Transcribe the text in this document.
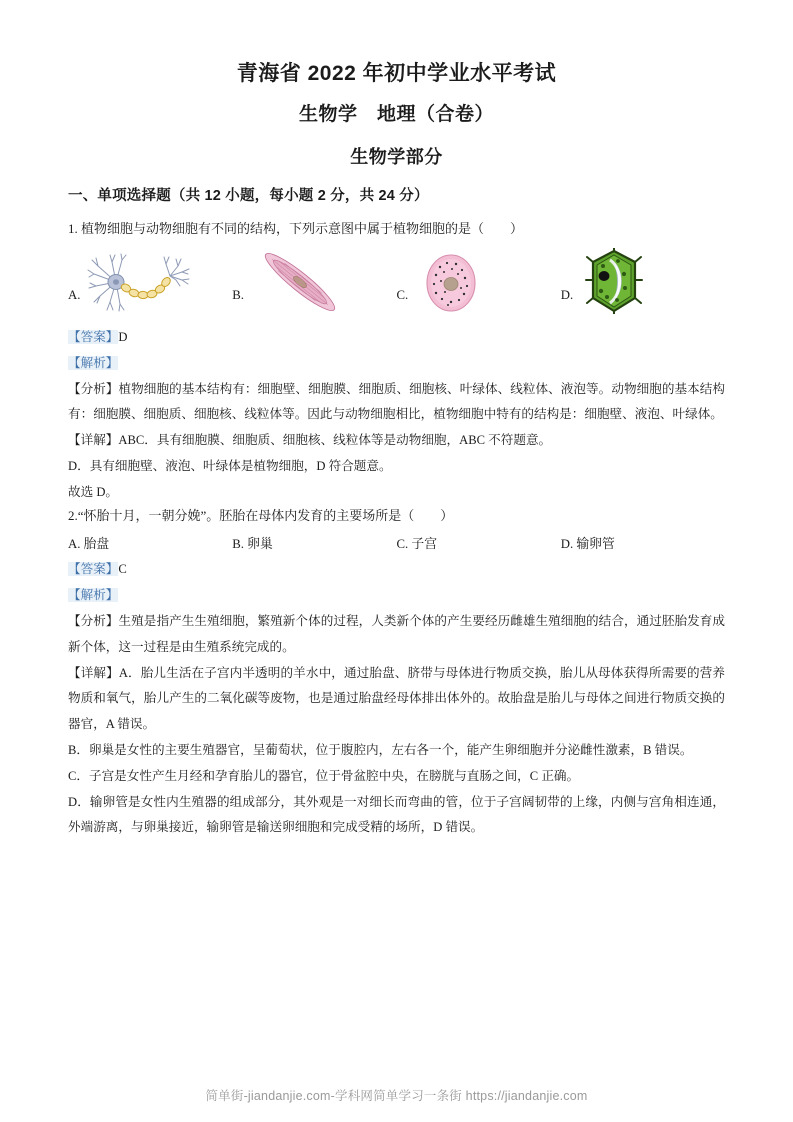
青海省 2022 年初中学业水平考试
生物学　地理（合卷）
生物学部分
一、单项选择题（共 12 小题，每小题 2 分，共 24 分）

1. 植物细胞与动物细胞有不同的结构，下列示意图中属于植物细胞的是（　　）

A.	B.	C.	D.

【答案】D

【解析】

【分析】植物细胞的基本结构有：细胞壁、细胞膜、细胞质、细胞核、叶绿体、线粒体、液泡等。动物细胞的基本结构有：细胞膜、细胞质、细胞核、线粒体等。因此与动物细胞相比，植物细胞中特有的结构是：细胞壁、液泡、叶绿体。

【详解】ABC．具有细胞膜、细胞质、细胞核、线粒体等是动物细胞，ABC 不符题意。

D．具有细胞壁、液泡、叶绿体是植物细胞，D 符合题意。

故选 D。

2.“怀胎十月，一朝分娩”。胚胎在母体内发育的主要场所是（　　）

A. 胎盘	B. 卵巢	C. 子宫	D. 输卵管

【答案】C

【解析】

【分析】生殖是指产生生殖细胞，繁殖新个体的过程，人类新个体的产生要经历雌雄生殖细胞的结合，通过胚胎发育成新个体，这一过程是由生殖系统完成的。

【详解】A．胎儿生活在子宫内半透明的羊水中，通过胎盘、脐带与母体进行物质交换，胎儿从母体获得所需要的营养物质和氧气，胎儿产生的二氧化碳等废物，也是通过胎盘经母体排出体外的。故胎盘是胎儿与母体之间进行物质交换的器官，A 错误。

B．卵巢是女性的主要生殖器官，呈葡萄状，位于腹腔内，左右各一个，能产生卵细胞并分泌雌性激素，B 错误。

C．子宫是女性产生月经和孕育胎儿的器官，位于骨盆腔中央，在膀胱与直肠之间，C 正确。

D．输卵管是女性内生殖器的组成部分，其外观是一对细长而弯曲的管，位于子宫阔韧带的上缘，内侧与宫角相连通，外端游离，与卵巢接近，输卵管是输送卵细胞和完成受精的场所，D 错误。

简单街-jiandanjie.com-学科网简单学习一条街 https://jiandanjie.com
